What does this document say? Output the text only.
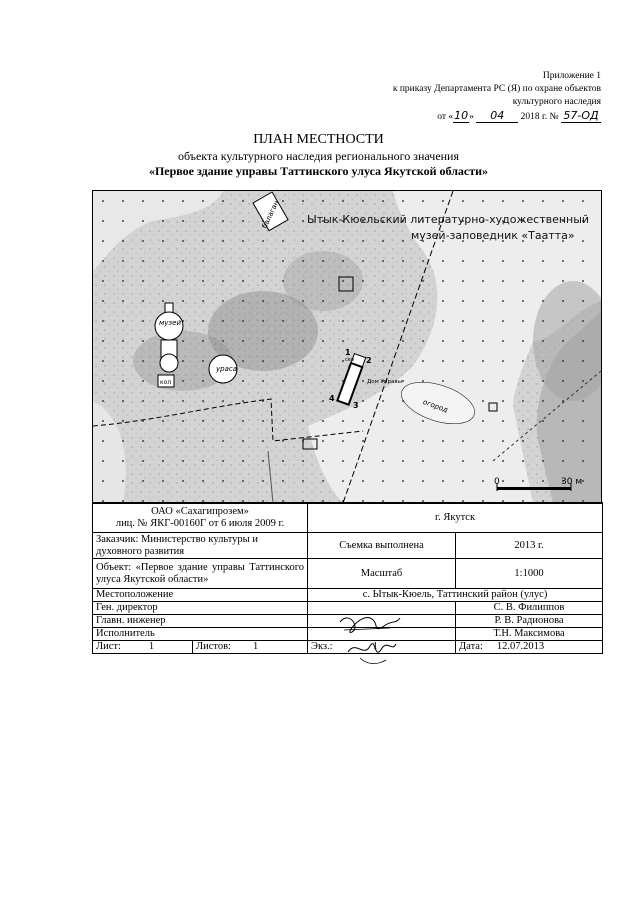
Приложение 1
к приказу Департамента РС (Я) по охране объектов
культурного наследия
от «10» 04 2018 г. № 57-ОД
ПЛАН МЕСТНОСТИ
объекта культурного наследия регионального значения
«Первое здание управы Таттинского улуса Якутской области»
балаган
музей
кол
ураса
сер
1
2
3
4
Дом Управы
огород
Ытык-Кюельский литературно-художественный
музей-заповедник «Таатта»
0	30 м
ОАО «Сахагипрозем»
лиц. № ЯКГ-00160Г от 6 июля 2009 г.		г. Якутск	
Заказчик: Министерство культуры и духовного развития		Съемка выполнена	2013 г.
Объект: «Первое здание управы Таттинского улуса Якутской области»		Масштаб	1:1000
Местоположение		с. Ытык-Кюель, Таттинский район (улус)	
Ген. директор			С. В. Филиппов
Главн. инженер			Р. В. Радионова
Исполнитель			Т.Н. Максимова
Лист: 1	Листов: 1	Экз.: 1	Дата: 12.07.2013
